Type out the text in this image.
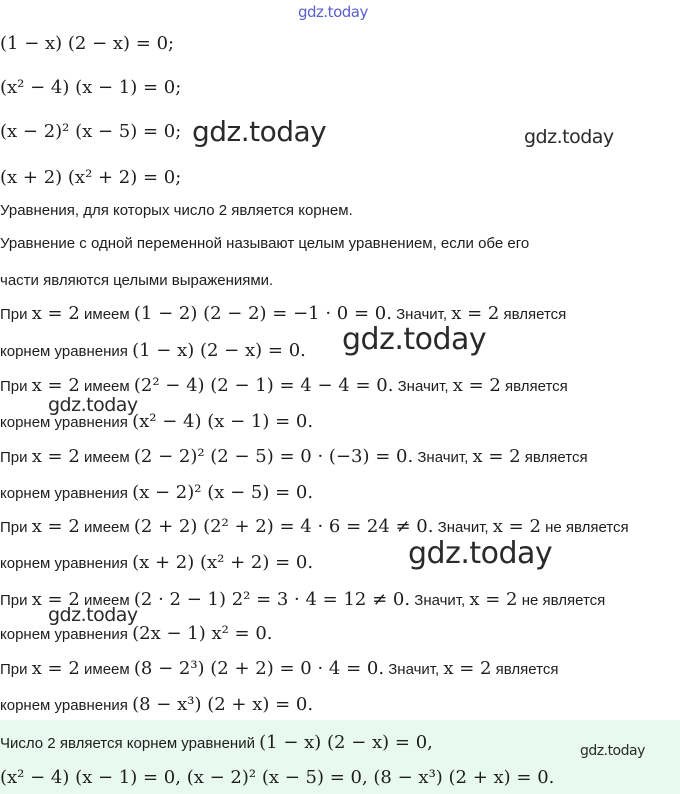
gdz.today
gdz.today	gdz.today
gdz.today
gdz.today
gdz.today
gdz.today
gdz.today
(1 − x) (2 − x) = 0;
(x² − 4) (x − 1) = 0;
(x − 2)² (x − 5) = 0;
(x + 2) (x² + 2) = 0;
Уравнения, для которых число 2 является корнем.
Уравнение с одной переменной называют целым уравнением, если обе его
части являются целыми выражениями.
При x = 2 имеем (1 − 2) (2 − 2) = −1 · 0 = 0. Значит, x = 2 является
корнем уравнения (1 − x) (2 − x) = 0.
При x = 2 имеем (2² − 4) (2 − 1) = 4 − 4 = 0. Значит, x = 2 является
корнем уравнения (x² − 4) (x − 1) = 0.
При x = 2 имеем (2 − 2)² (2 − 5) = 0 · (−3) = 0. Значит, x = 2 является
корнем уравнения (x − 2)² (x − 5) = 0.
При x = 2 имеем (2 + 2) (2² + 2) = 4 · 6 = 24 ≠ 0. Значит, x = 2 не является
корнем уравнения (x + 2) (x² + 2) = 0.
При x = 2 имеем (2 · 2 − 1) 2² = 3 · 4 = 12 ≠ 0. Значит, x = 2 не является
корнем уравнения (2x − 1) x² = 0.
При x = 2 имеем (8 − 2³) (2 + 2) = 0 · 4 = 0. Значит, x = 2 является
корнем уравнения (8 − x³) (2 + x) = 0.
Число 2 является корнем уравнений (1 − x) (2 − x) = 0,
(x² − 4) (x − 1) = 0, (x − 2)² (x − 5) = 0, (8 − x³) (2 + x) = 0.
